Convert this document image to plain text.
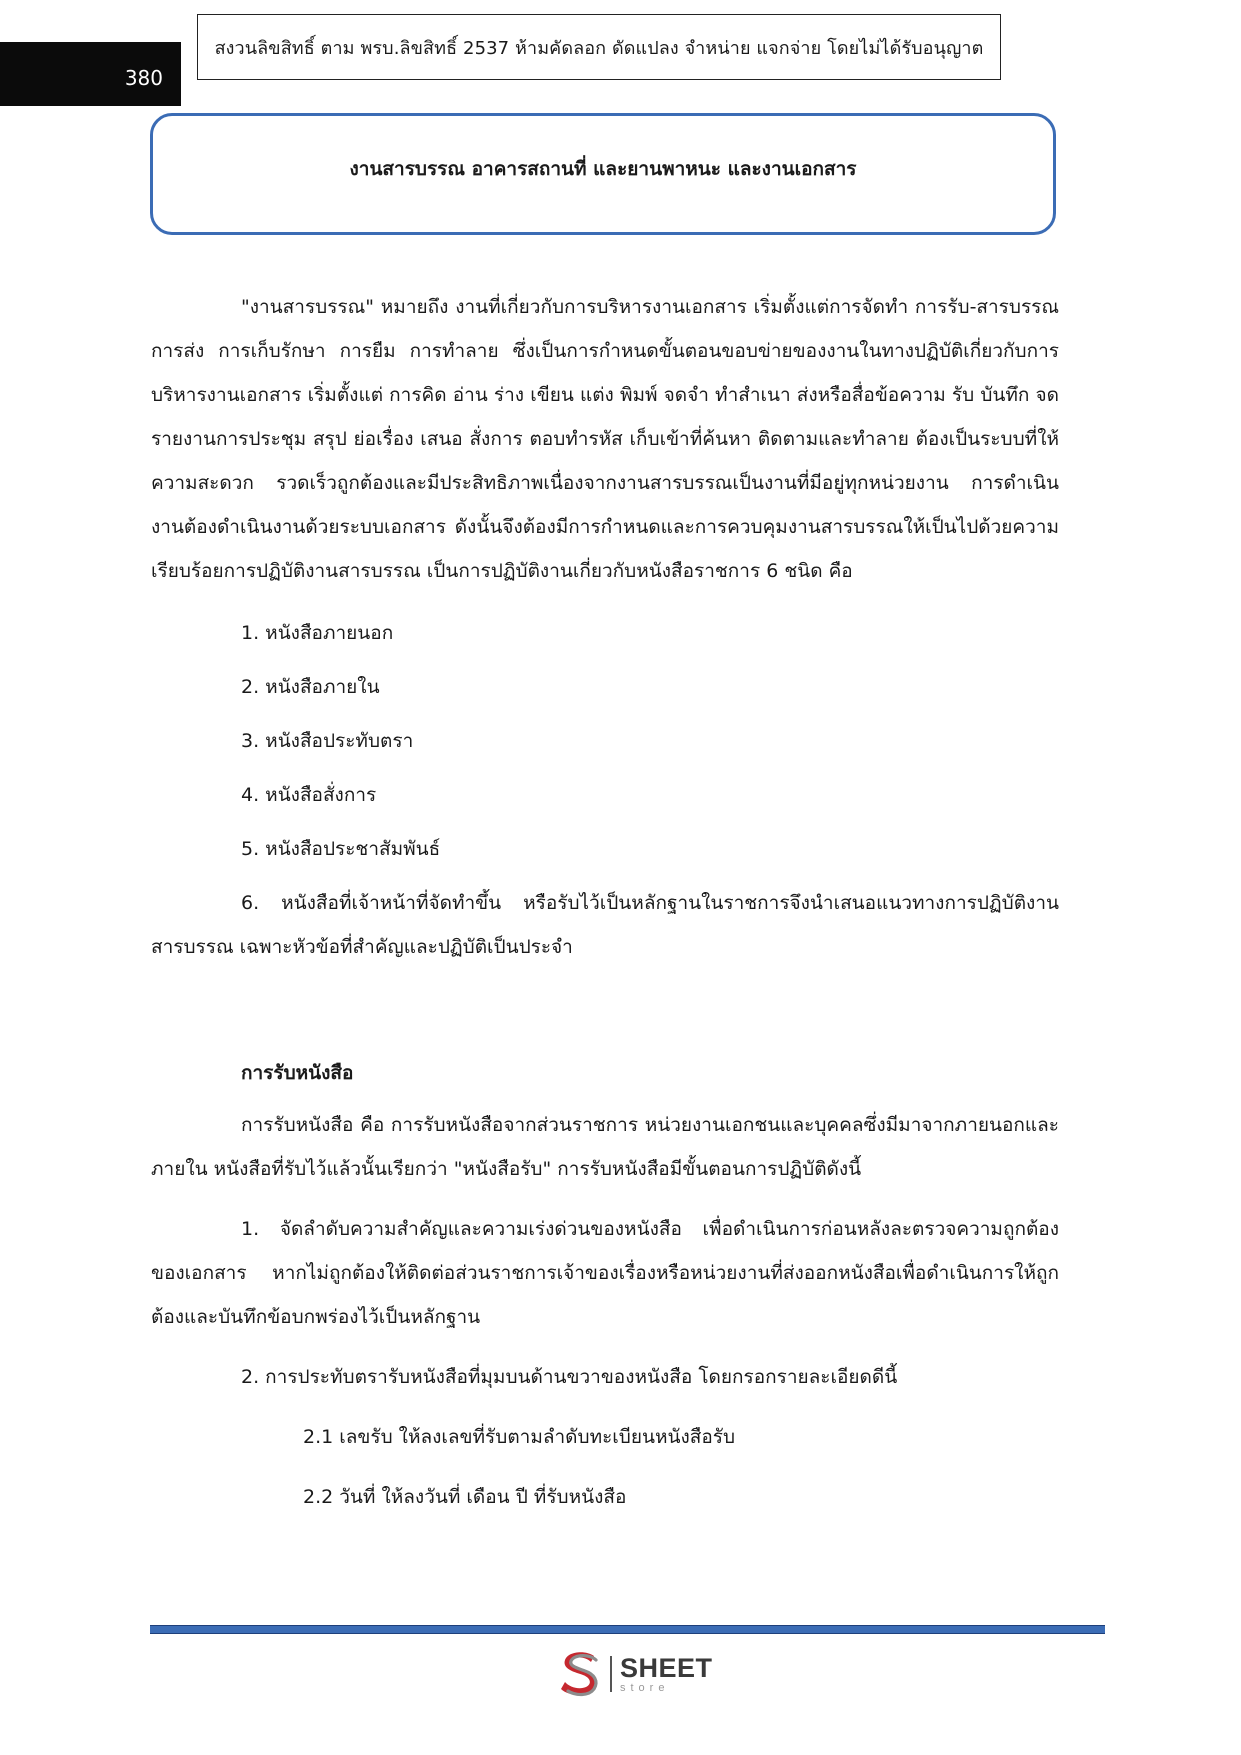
380
สงวนลิขสิทธิ์ ตาม พรบ.ลิขสิทธิ์ 2537 ห้ามคัดลอก ดัดแปลง จำหน่าย แจกจ่าย โดยไม่ได้รับอนุญาต
งานสารบรรณ อาคารสถานที่ และยานพาหนะ และงานเอกสาร

"งานสารบรรณ" หมายถึง งานที่เกี่ยวกับการบริหารงานเอกสาร เริ่มตั้งแต่การจัดทำ การรับ-สารบรรณ การส่ง การเก็บรักษา การยืม การทำลาย ซึ่งเป็นการกำหนดขั้นตอนขอบข่ายของงานในทางปฏิบัติเกี่ยวกับการบริหารงานเอกสาร เริ่มตั้งแต่ การคิด อ่าน ร่าง เขียน แต่ง พิมพ์ จดจำ ทำสำเนา ส่งหรือสื่อข้อความ รับ บันทึก จดรายงานการประชุม สรุป ย่อเรื่อง เสนอ สั่งการ ตอบทำรหัส เก็บเข้าที่ค้นหา ติดตามและทำลาย ต้องเป็นระบบที่ให้ความสะดวก รวดเร็วถูกต้องและมีประสิทธิภาพเนื่องจากงานสารบรรณเป็นงานที่มีอยู่ทุกหน่วยงาน การดำเนินงานต้องดำเนินงานด้วยระบบเอกสาร ดังนั้นจึงต้องมีการกำหนดและการควบคุมงานสารบรรณให้เป็นไปด้วยความเรียบร้อยการปฏิบัติงานสารบรรณ เป็นการปฏิบัติงานเกี่ยวกับหนังสือราชการ 6 ชนิด คือ

1. หนังสือภายนอก

2. หนังสือภายใน

3. หนังสือประทับตรา

4. หนังสือสั่งการ

5. หนังสือประชาสัมพันธ์

6. หนังสือที่เจ้าหน้าที่จัดทำขึ้น หรือรับไว้เป็นหลักฐานในราชการจึงนำเสนอแนวทางการปฏิบัติงานสารบรรณ เฉพาะหัวข้อที่สำคัญและปฏิบัติเป็นประจำ

การรับหนังสือ

การรับหนังสือ คือ การรับหนังสือจากส่วนราชการ หน่วยงานเอกชนและบุคคลซึ่งมีมาจากภายนอกและภายใน หนังสือที่รับไว้แล้วนั้นเรียกว่า "หนังสือรับ" การรับหนังสือมีขั้นตอนการปฏิบัติดังนี้

1. จัดลำดับความสำคัญและความเร่งด่วนของหนังสือ เพื่อดำเนินการก่อนหลังละตรวจความถูกต้องของเอกสาร หากไม่ถูกต้องให้ติดต่อส่วนราชการเจ้าของเรื่องหรือหน่วยงานที่ส่งออกหนังสือเพื่อดำเนินการให้ถูกต้องและบันทึกข้อบกพร่องไว้เป็นหลักฐาน

2. การประทับตรารับหนังสือที่มุมบนด้านขวาของหนังสือ โดยกรอกรายละเอียดดีนี้

2.1 เลขรับ ให้ลงเลขที่รับตามลำดับทะเบียนหนังสือรับ

2.2 วันที่ ให้ลงวันที่ เดือน ปี ที่รับหนังสือ

SHEET
store
